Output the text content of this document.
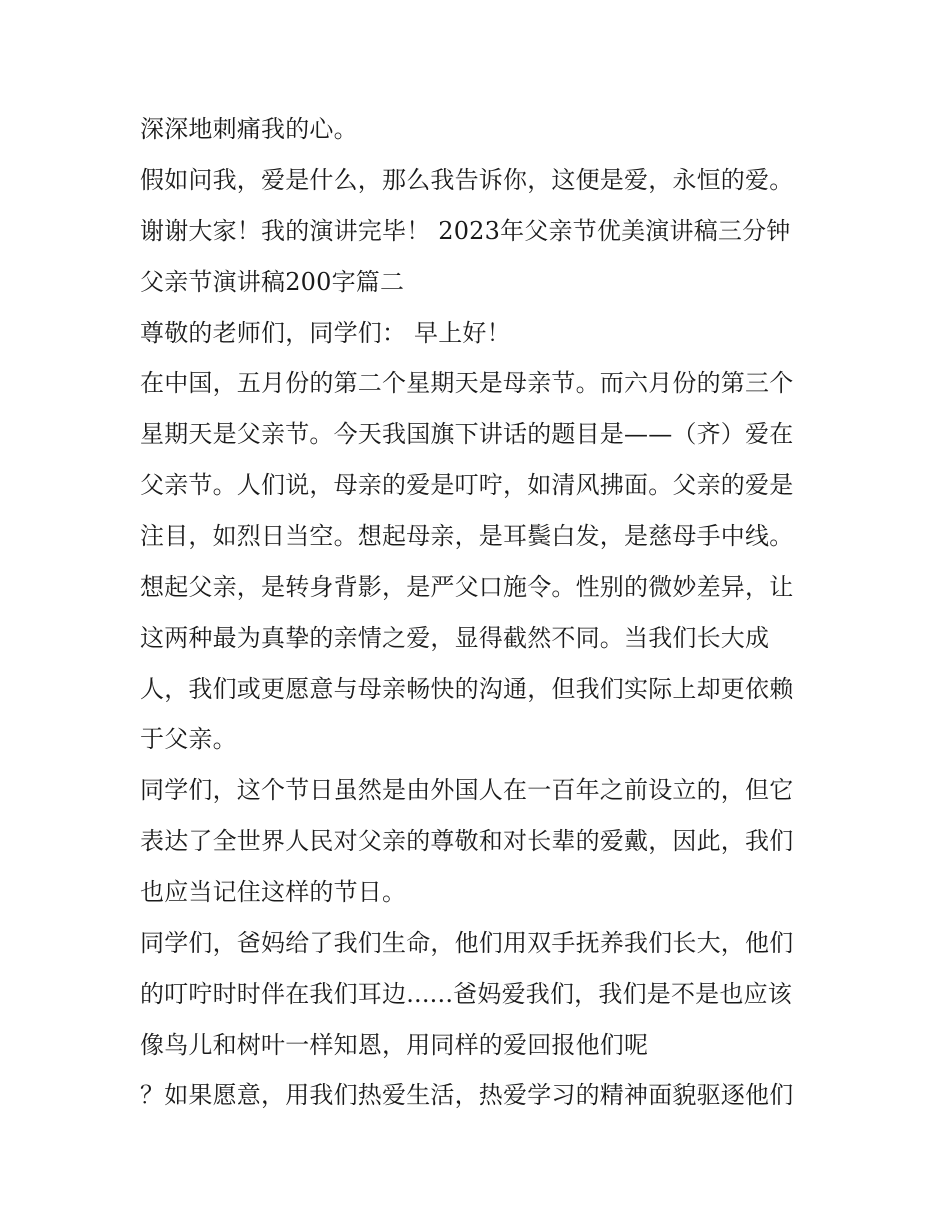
深深地刺痛我的心。
假如问我，爱是什么，那么我告诉你，这便是爱，永恒的爱。
谢谢大家！我的演讲完毕！ 2023年父亲节优美演讲稿三分钟
父亲节演讲稿200字篇二
尊敬的老师们，同学们： 早上好！
在中国，五月份的第二个星期天是母亲节。而六月份的第三个
星期天是父亲节。今天我国旗下讲话的题目是——（齐）爱在
父亲节。人们说，母亲的爱是叮咛，如清风拂面。父亲的爱是
注目，如烈日当空。想起母亲，是耳鬓白发，是慈母手中线。
想起父亲，是转身背影，是严父口施令。性别的微妙差异，让
这两种最为真挚的亲情之爱，显得截然不同。当我们长大成
人，我们或更愿意与母亲畅快的沟通，但我们实际上却更依赖
于父亲。
同学们，这个节日虽然是由外国人在一百年之前设立的，但它
表达了全世界人民对父亲的尊敬和对长辈的爱戴，因此，我们
也应当记住这样的节日。
同学们，爸妈给了我们生命，他们用双手抚养我们长大，他们
的叮咛时时伴在我们耳边......爸妈爱我们，我们是不是也应该
像鸟儿和树叶一样知恩，用同样的爱回报他们呢
？如果愿意，用我们热爱生活，热爱学习的精神面貌驱逐他们
